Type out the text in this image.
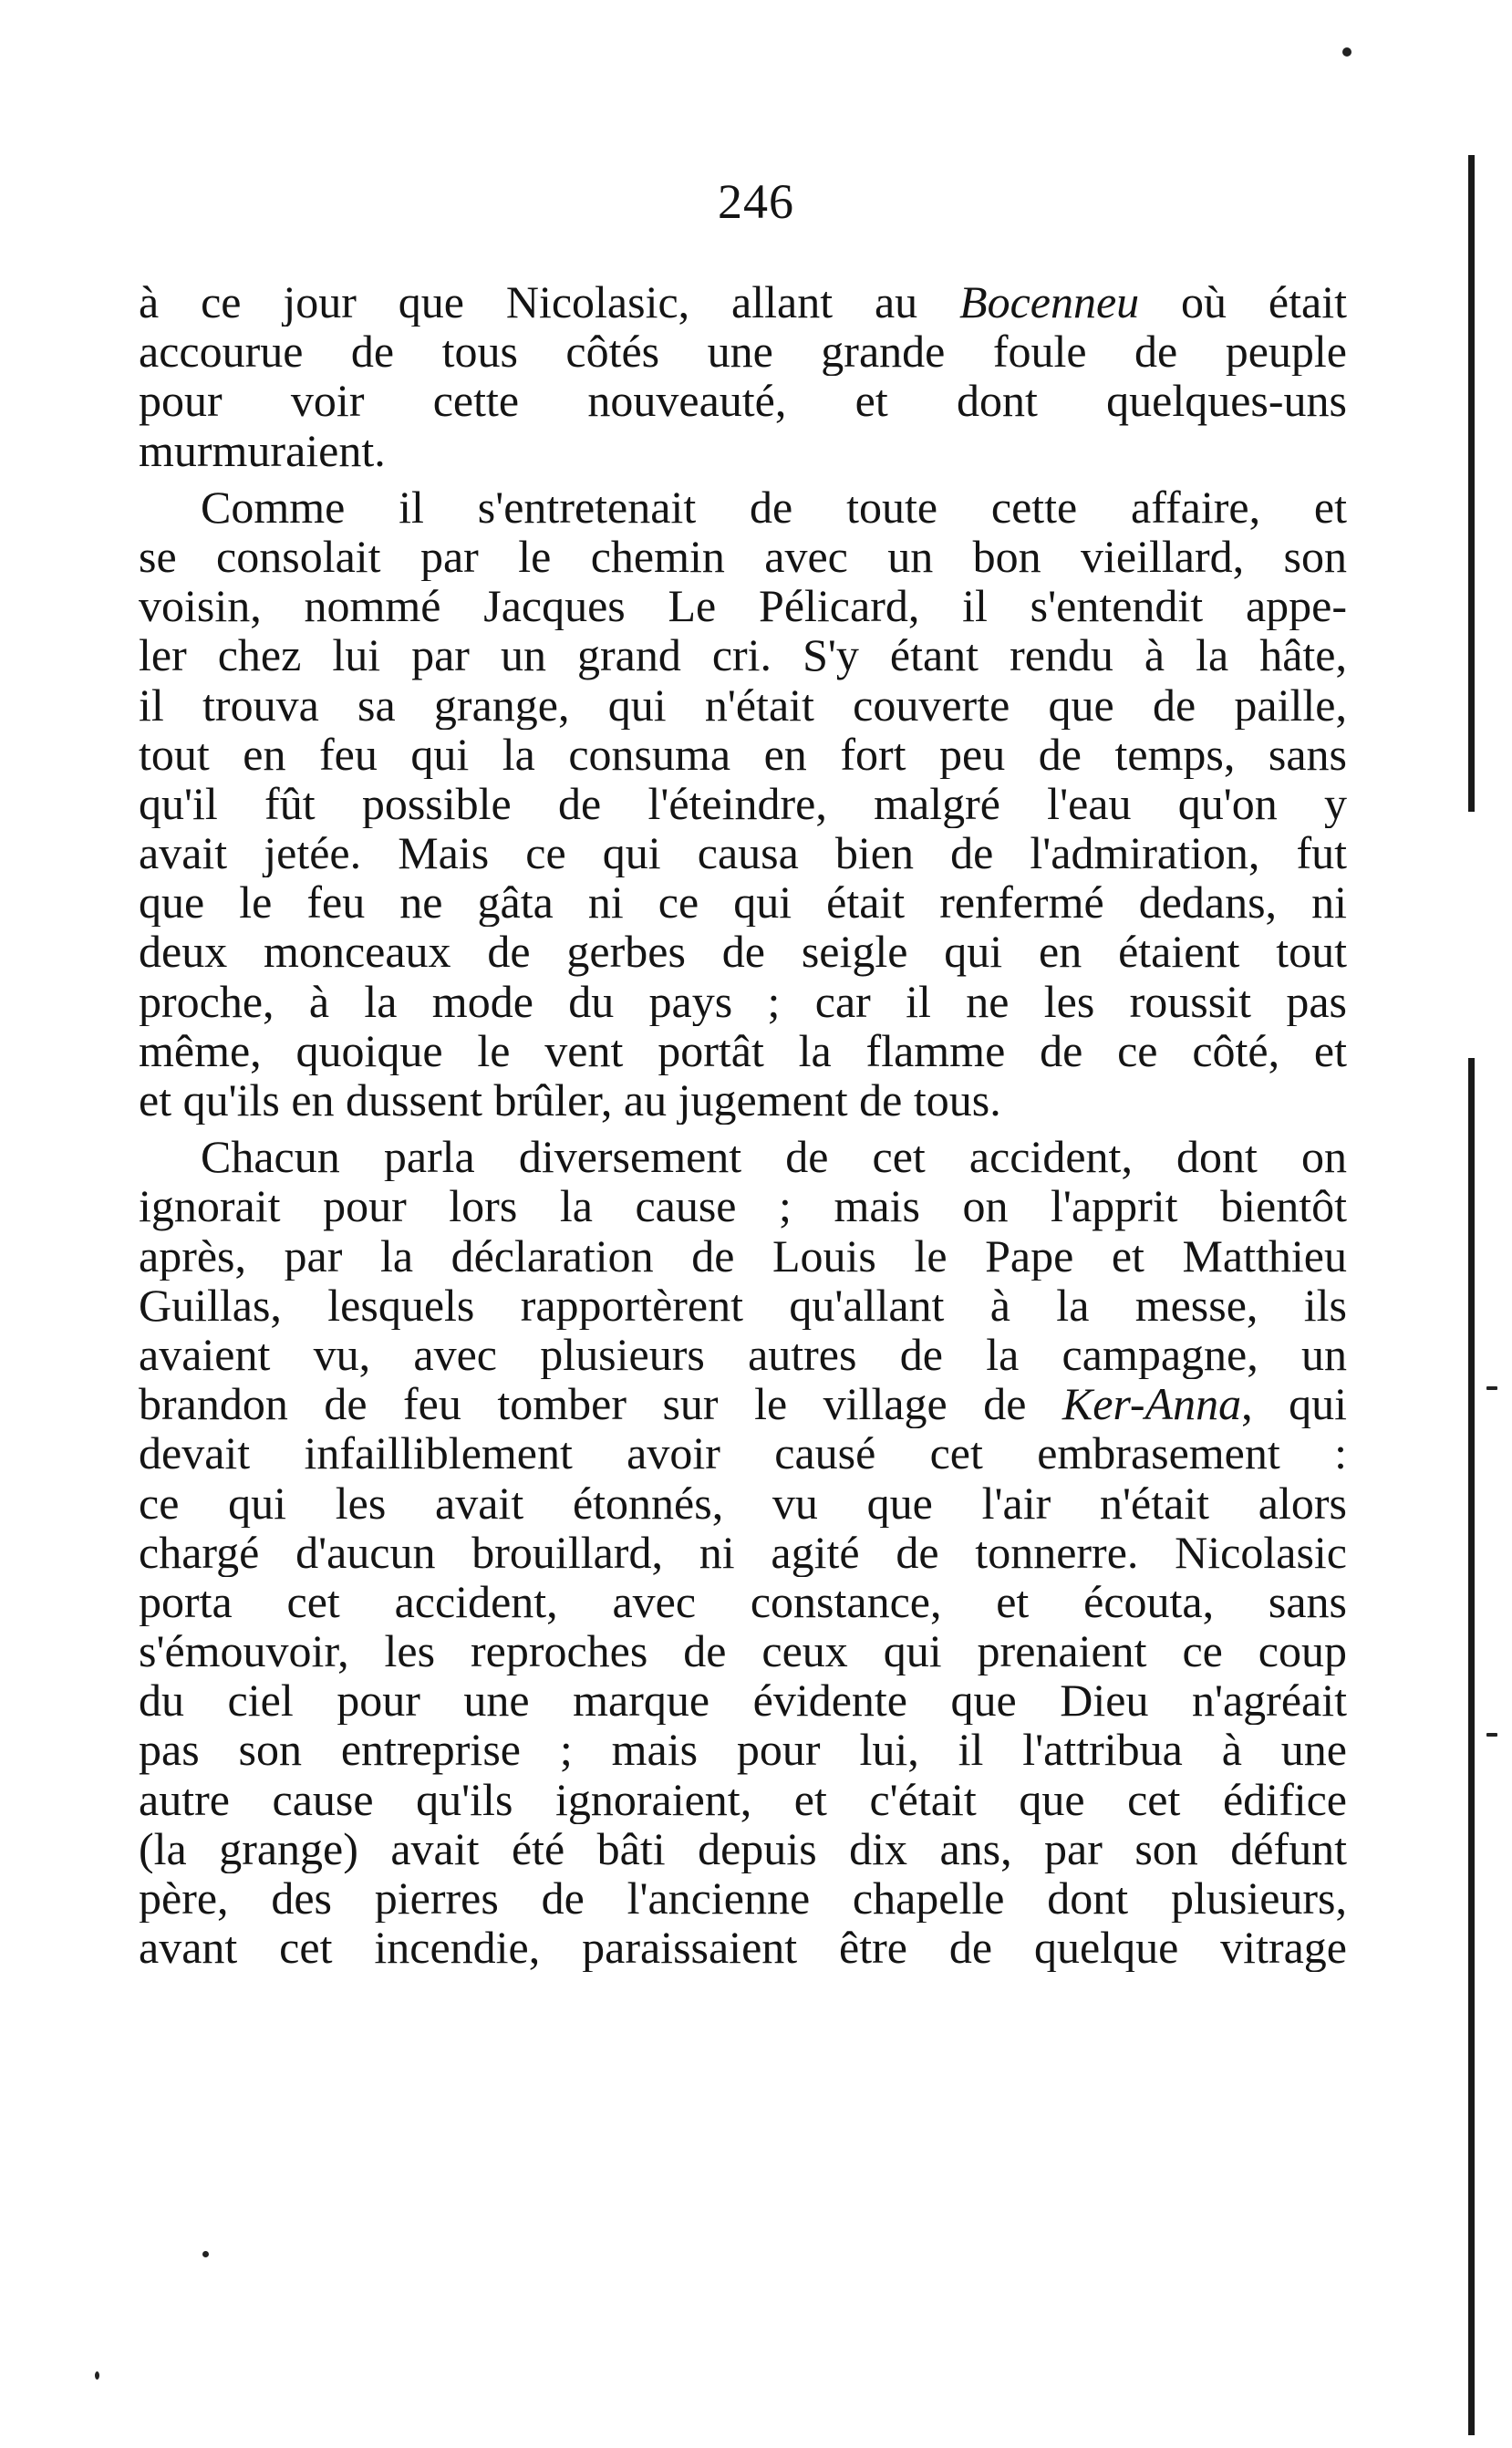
246
à ce jour que Nicolasic, allant au Bocenneu où était
accourue de tous côtés une grande foule de peuple
pour voir cette nouveauté, et dont quelques-uns
murmuraient.
Comme il s'entretenait de toute cette affaire, et
se consolait par le chemin avec un bon vieillard, son
voisin, nommé Jacques Le Pélicard, il s'entendit appe-
ler chez lui par un grand cri. S'y étant rendu à la hâte,
il trouva sa grange, qui n'était couverte que de paille,
tout en feu qui la consuma en fort peu de temps, sans
qu'il fût possible de l'éteindre, malgré l'eau qu'on y
avait jetée. Mais ce qui causa bien de l'admiration, fut
que le feu ne gâta ni ce qui était renfermé dedans, ni
deux monceaux de gerbes de seigle qui en étaient tout
proche, à la mode du pays ; car il ne les roussit pas
même, quoique le vent portât la flamme de ce côté, et
et qu'ils en dussent brûler, au jugement de tous.
Chacun parla diversement de cet accident, dont on
ignorait pour lors la cause ; mais on l'apprit bientôt
après, par la déclaration de Louis le Pape et Matthieu
Guillas, lesquels rapportèrent qu'allant à la messe, ils
avaient vu, avec plusieurs autres de la campagne, un
brandon de feu tomber sur le village de Ker-Anna, qui
devait infailliblement avoir causé cet embrasement :
ce qui les avait étonnés, vu que l'air n'était alors
chargé d'aucun brouillard, ni agité de tonnerre. Nicolasic
porta cet accident, avec constance, et écouta, sans
s'émouvoir, les reproches de ceux qui prenaient ce coup
du ciel pour une marque évidente que Dieu n'agréait
pas son entreprise ; mais pour lui, il l'attribua à une
autre cause qu'ils ignoraient, et c'était que cet édifice
(la grange) avait été bâti depuis dix ans, par son défunt
père, des pierres de l'ancienne chapelle dont plusieurs,
avant cet incendie, paraissaient être de quelque vitrage
